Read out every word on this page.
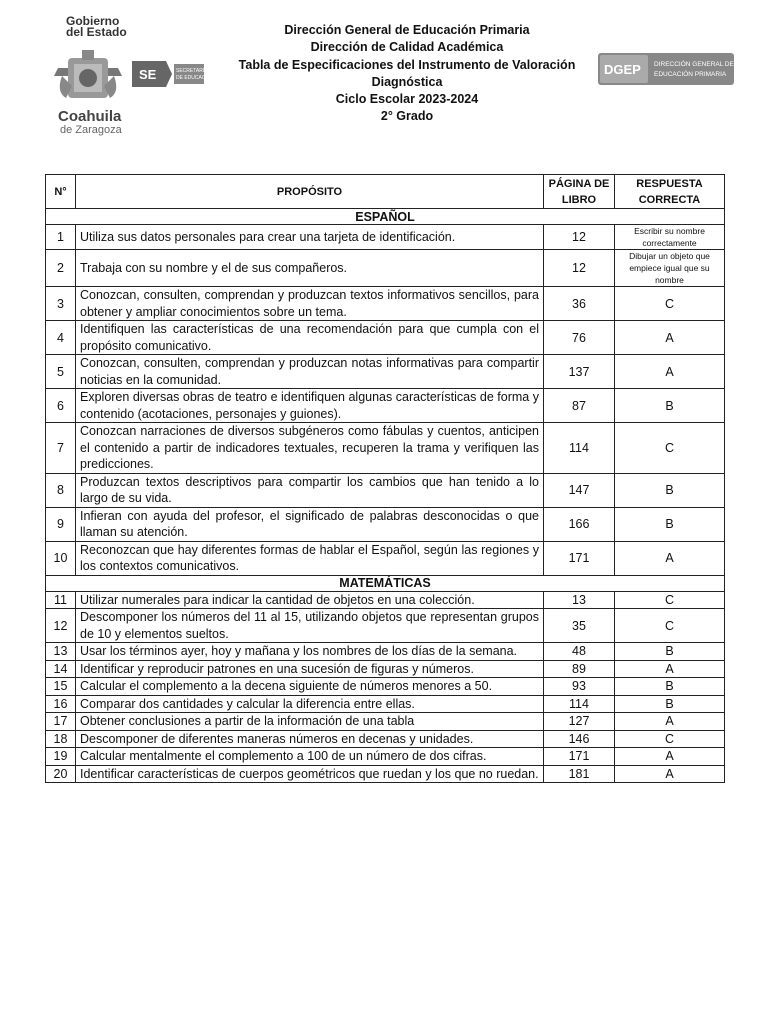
Gobierno
del Estado
SE	SECRETARÍA
DE EDUCACIÓN
Coahuila
de Zaragoza
DGEP DIRECCIÓN GENERAL DE
EDUCACIÓN PRIMARIA
Dirección General de Educación Primaria
Dirección de Calidad Académica
Tabla de Especificaciones del Instrumento de Valoración
Diagnóstica
Ciclo Escolar 2023-2024
2° Grado
N°	PROPÓSITO	PÁGINA DE LIBRO	RESPUESTA CORRECTA
ESPAÑOL			
1	Utiliza sus datos personales para crear una tarjeta de identificación.	12	Escribir su nombre correctamente
2	Trabaja con su nombre y el de sus compañeros.	12	Dibujar un objeto que empiece igual que su nombre
3	Conozcan, consulten, comprendan y produzcan textos informativos sencillos, para obtener y ampliar conocimientos sobre un tema.	36	C
4	Identifiquen las características de una recomendación para que cumpla con el propósito comunicativo.	76	A
5	Conozcan, consulten, comprendan y produzcan notas informativas para compartir noticias en la comunidad.	137	A
6	Exploren diversas obras de teatro e identifiquen algunas características de forma y contenido (acotaciones, personajes y guiones).	87	B
7	Conozcan narraciones de diversos subgéneros como fábulas y cuentos, anticipen el contenido a partir de indicadores textuales, recuperen la trama y verifiquen las predicciones.	114	C
8	Produzcan textos descriptivos para compartir los cambios que han tenido a lo largo de su vida.	147	B
9	Infieran con ayuda del profesor, el significado de palabras desconocidas o que llaman su atención.	166	B
10	Reconozcan que hay diferentes formas de hablar el Español, según las regiones y los contextos comunicativos.	171	A
MATEMÁTICAS			
11	Utilizar numerales para indicar la cantidad de objetos en una colección.	13	C
12	Descomponer los números del 11 al 15, utilizando objetos que representan grupos de 10 y elementos sueltos.	35	C
13	Usar los términos ayer, hoy y mañana y los nombres de los días de la semana.	48	B
14	Identificar y reproducir patrones en una sucesión de figuras y números.	89	A
15	Calcular el complemento a la decena siguiente de números menores a 50.	93	B
16	Comparar dos cantidades y calcular la diferencia entre ellas.	114	B
17	Obtener conclusiones a partir de la información de una tabla	127	A
18	Descomponer de diferentes maneras números en decenas y unidades.	146	C
19	Calcular mentalmente el complemento a 100 de un número de dos cifras.	171	A
20	Identificar características de cuerpos geométricos que ruedan y los que no ruedan.	181	A
